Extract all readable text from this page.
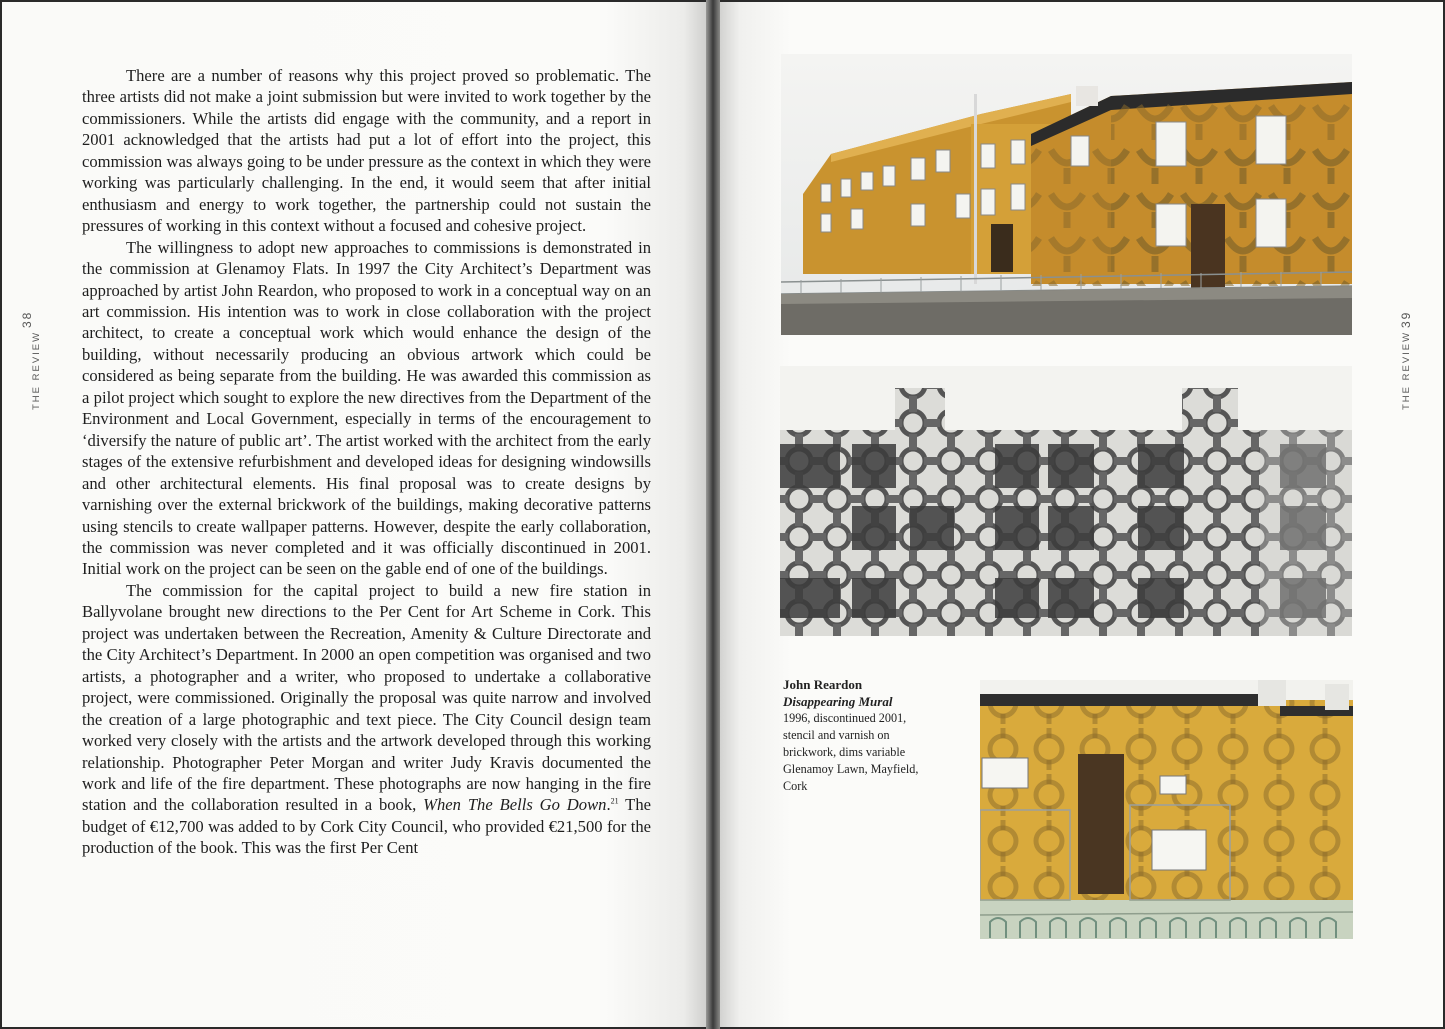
There are a number of reasons why this project proved so problematic. The three artists did not make a joint submission but were invited to work together by the commissioners. While the artists did engage with the community, and a report in 2001 acknowledged that the artists had put a lot of effort into the project, this commission was always going to be under pressure as the context in which they were working was particularly challenging. In the end, it would seem that after initial enthusiasm and energy to work together, the partnership could not sustain the pressures of working in this context without a focused and cohesive project.

The willingness to adopt new approaches to commissions is demonstrated in the commission at Glenamoy Flats. In 1997 the City Architect’s Department was approached by artist John Reardon, who proposed to work in a conceptual way on an art commission. His intention was to work in close collaboration with the project architect, to create a conceptual work which would enhance the design of the building, without necessarily producing an obvious artwork which could be considered as being separate from the building. He was awarded this commission as a pilot project which sought to explore the new directives from the Department of the Environment and Local Government, especially in terms of the encouragement to ‘diversify the nature of public art’. The artist worked with the architect from the early stages of the extensive refurbishment and developed ideas for designing windowsills and other architectural elements. His final proposal was to create designs by varnishing over the external brickwork of the buildings, making decorative patterns using stencils to create wallpaper patterns. However, despite the early collaboration, the commission was never completed and it was officially discontinued in 2001. Initial work on the project can be seen on the gable end of one of the buildings.

The commission for the capital project to build a new fire station in Ballyvolane brought new directions to the Per Cent for Art Scheme in Cork. This project was undertaken between the Recreation, Amenity & Culture Directorate and the City Architect’s Department. In 2000 an open competition was organised and two artists, a photographer and a writer, who proposed to undertake a collaborative project, were commissioned. Originally the proposal was quite narrow and involved the creation of a large photographic and text piece. The City Council design team worked very closely with the artists and the artwork developed through this working relationship. Photographer Peter Morgan and writer Judy Kravis documented the work and life of the fire department. These photographs are now hanging in the fire station and the collaboration resulted in a book, When The Bells Go Down.$^{21}$ The budget of €12,700 was added to by Cork City Council, who provided €21,500 for the production of the book. This was the first Per Cent

THE REVIEW
38
THE REVIEW
39
John Reardon
Disappearing Mural
1996, discontinued 2001,
stencil and varnish on
brickwork, dims variable
Glenamoy Lawn, Mayfield,
Cork
